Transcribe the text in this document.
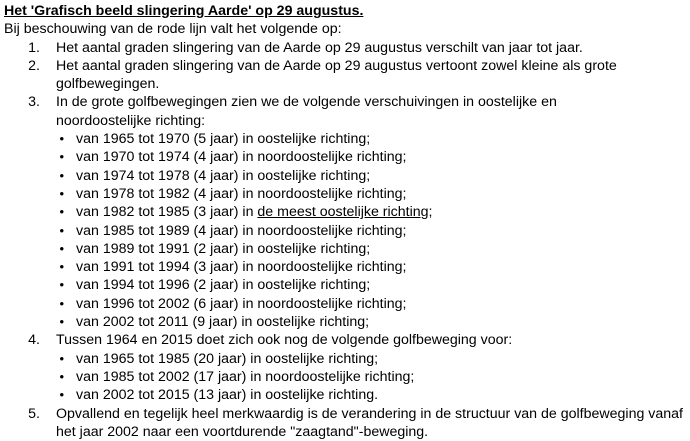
Het 'Grafisch beeld slingering Aarde' op 29 augustus.
Bij beschouwing van de rode lijn valt het volgende op:
1. Het aantal graden slingering van de Aarde op 29 augustus verschilt van jaar tot jaar.
2. Het aantal graden slingering van de Aarde op 29 augustus vertoont zowel kleine als grote golfbewegingen.
3. In de grote golfbewegingen zien we de volgende verschuivingen in oostelijke en noordoostelijke richting:
•
van 1965 tot 1970 (5 jaar) in oostelijke richting;
•
van 1970 tot 1974 (4 jaar) in noordoostelijke richting;
•
van 1974 tot 1978 (4 jaar) in oostelijke richting;
•
van 1978 tot 1982 (4 jaar) in noordoostelijke richting;
•
van 1982 tot 1985 (3 jaar) in de meest oostelijke richting;
•
van 1985 tot 1989 (4 jaar) in noordoostelijke richting;
•
van 1989 tot 1991 (2 jaar) in oostelijke richting;
•
van 1991 tot 1994 (3 jaar) in noordoostelijke richting;
•
van 1994 tot 1996 (2 jaar) in oostelijke richting;
•
van 1996 tot 2002 (6 jaar) in noordoostelijke richting;
•
van 2002 tot 2011 (9 jaar) in oostelijke richting;
4. Tussen 1964 en 2015 doet zich ook nog de volgende golfbeweging voor:
•
van 1965 tot 1985 (20 jaar) in oostelijke richting;
•
van 1985 tot 2002 (17 jaar) in noordoostelijke richting;
•
van 2002 tot 2015 (13 jaar) in oostelijke richting.
5. Opvallend en tegelijk heel merkwaardig is de verandering in de structuur van de golfbeweging vanaf het jaar 2002 naar een voortdurende "zaagtand"-beweging.
